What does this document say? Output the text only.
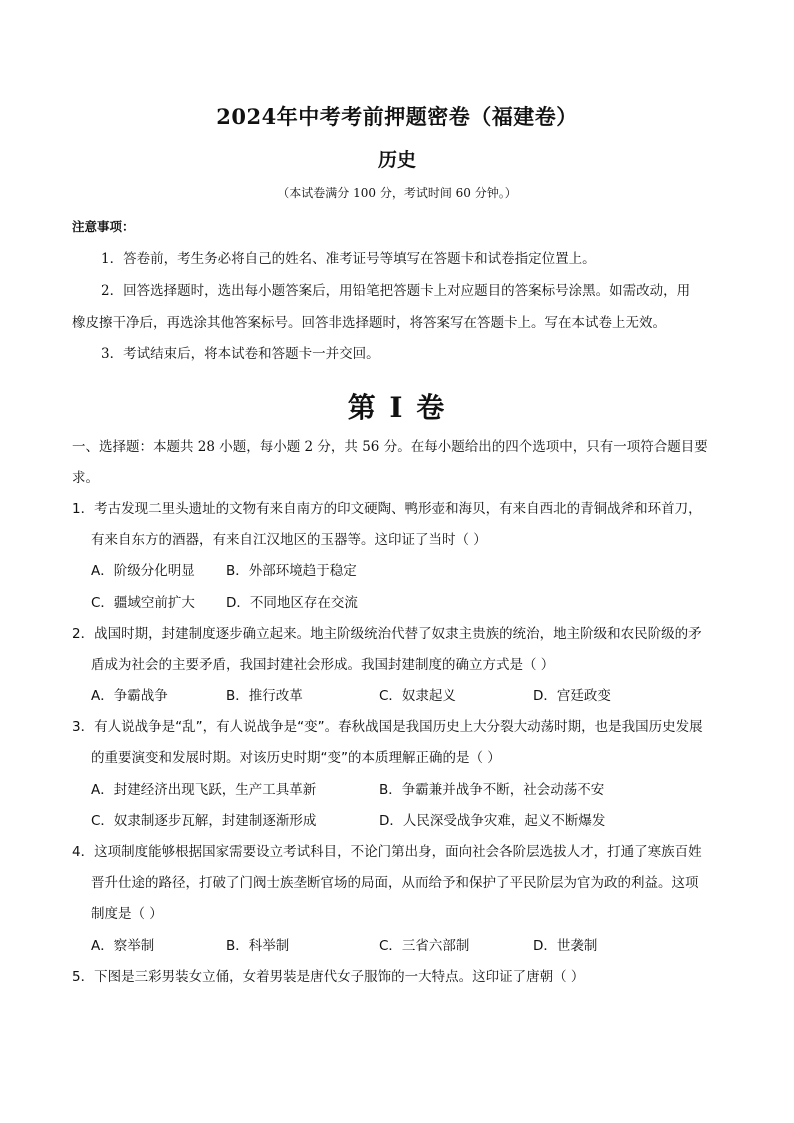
2024年中考考前押题密卷（福建卷）
历史
（本试卷满分 100 分，考试时间 60 分钟。）
注意事项：
1．答卷前，考生务必将自己的姓名、准考证号等填写在答题卡和试卷指定位置上。
2．回答选择题时，选出每小题答案后，用铅笔把答题卡上对应题目的答案标号涂黑。如需改动，用
橡皮擦干净后，再选涂其他答案标号。回答非选择题时，将答案写在答题卡上。写在本试卷上无效。
3．考试结束后，将本试卷和答题卡一并交回。
第 I 卷
一、选择题：本题共 28 小题，每小题 2 分，共 56 分。在每小题给出的四个选项中，只有一项符合题目要
求。
1．考古发现二里头遗址的文物有来自南方的印文硬陶、鸭形壶和海贝，有来自西北的青铜战斧和环首刀，
有来自东方的酒器，有来自江汉地区的玉器等。这印证了当时（ ）
A．阶级分化明显 B．外部环境趋于稳定
C．疆域空前扩大 D．不同地区存在交流
2．战国时期，封建制度逐步确立起来。地主阶级统治代替了奴隶主贵族的统治，地主阶级和农民阶级的矛
盾成为社会的主要矛盾，我国封建社会形成。我国封建制度的确立方式是（ ）
A．争霸战争	B．推行改革	C．奴隶起义	D．宫廷政变
3．有人说战争是“乱”，有人说战争是“变”。春秋战国是我国历史上大分裂大动荡时期，也是我国历史发展
的重要演变和发展时期。对该历史时期“变”的本质理解正确的是（ ）
A．封建经济出现飞跃，生产工具革新	B．争霸兼并战争不断，社会动荡不安
C．奴隶制逐步瓦解，封建制逐渐形成	D．人民深受战争灾难，起义不断爆发
4．这项制度能够根据国家需要设立考试科目，不论门第出身，面向社会各阶层选拔人才，打通了寒族百姓
晋升仕途的路径，打破了门阀士族垄断官场的局面，从而给予和保护了平民阶层为官为政的利益。这项
制度是（ ）
A．察举制	B．科举制	C．三省六部制	D．世袭制
5．下图是三彩男装女立俑，女着男装是唐代女子服饰的一大特点。这印证了唐朝（ ）
